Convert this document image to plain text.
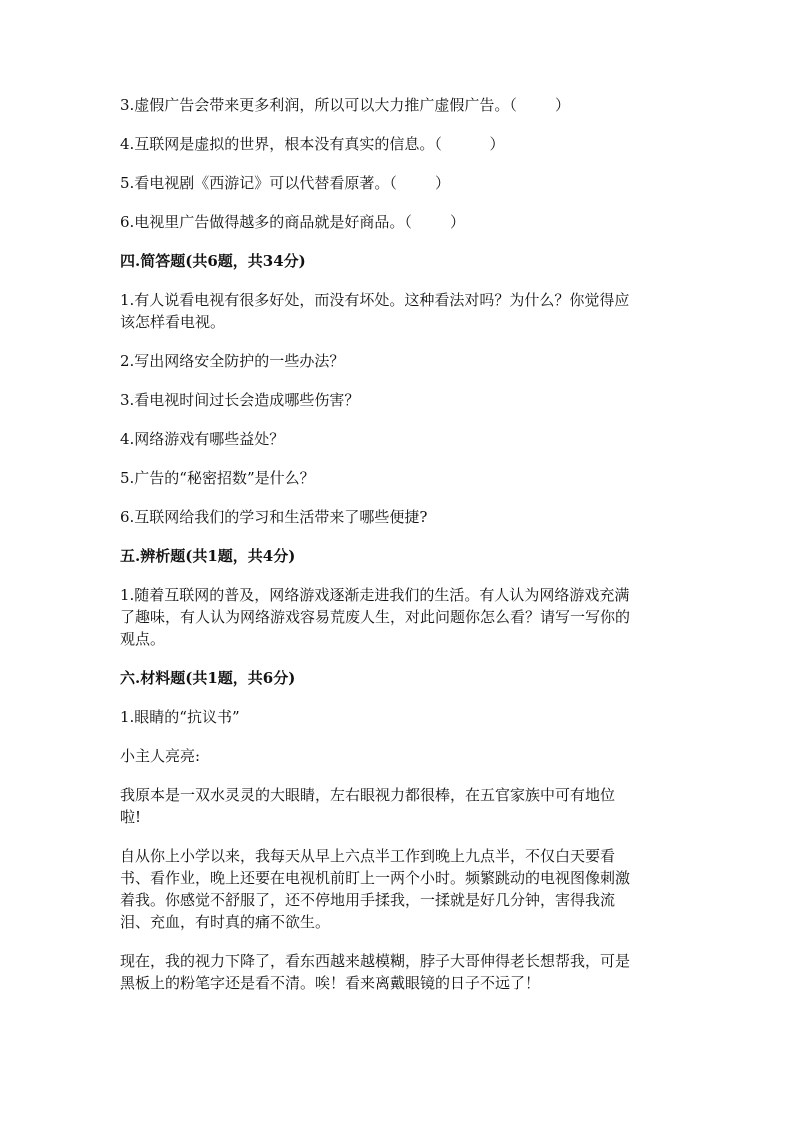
3.虚假广告会带来更多利润，所以可以大力推广虚假广告。（        ）

4.互联网是虚拟的世界，根本没有真实的信息。（          ）

5.看电视剧《西游记》可以代替看原著。（        ）

6.电视里广告做得越多的商品就是好商品。（        ）

四.简答题(共6题，共34分)

1.有人说看电视有很多好处，而没有坏处。这种看法对吗？为什么？你觉得应

该怎样看电视。

2.写出网络安全防护的一些办法？

3.看电视时间过长会造成哪些伤害？

4.网络游戏有哪些益处？

5.广告的“秘密招数”是什么？

6.互联网给我们的学习和生活带来了哪些便捷?

五.辨析题(共1题，共4分)

1.随着互联网的普及，网络游戏逐渐走进我们的生活。有人认为网络游戏充满

了趣味，有人认为网络游戏容易荒废人生，对此问题你怎么看？请写一写你的

观点。

六.材料题(共1题，共6分)

1.眼睛的“抗议书”

小主人亮亮:

我原本是一双水灵灵的大眼睛，左右眼视力都很棒，在五官家族中可有地位

啦!

自从你上小学以来，我每天从早上六点半工作到晚上九点半，不仅白天要看

书、看作业，晚上还要在电视机前盯上一两个小时。频繁跳动的电视图像刺激

着我。你感觉不舒服了，还不停地用手揉我，一揉就是好几分钟，害得我流

泪、充血，有时真的痛不欲生。

现在，我的视力下降了，看东西越来越模糊，脖子大哥伸得老长想帮我，可是

黑板上的粉笔字还是看不清。唉！看来离戴眼镜的日子不远了！
